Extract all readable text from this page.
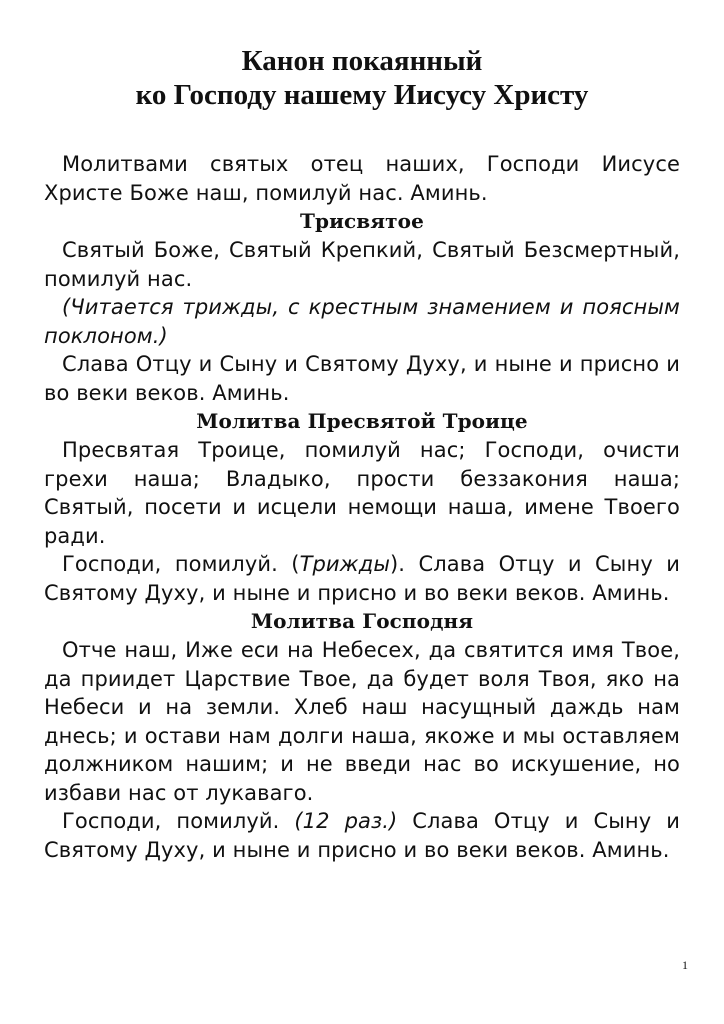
Канон покаянный
ко Господу нашему Иисусу Христу

Молитвами святых отец наших, Господи Иисусе Христе Боже наш, помилуй нас. Аминь.

Трисвятое

Святый Боже, Святый Крепкий, Святый Безсмертный, помилуй нас.

(Читается трижды, с крестным знамением и поясным поклоном.)

Слава Отцу и Сыну и Святому Духу, и ныне и присно и во веки веков. Аминь.

Молитва Пресвятой Троице

Пресвятая Троице, помилуй нас; Господи, очисти грехи наша; Владыко, прости беззакония наша; Святый, посети и исцели немощи наша, имене Твоего ради.

Господи, помилуй. (Трижды). Слава Отцу и Сыну и Святому Духу, и ныне и присно и во веки веков. Аминь.

Молитва Господня

Отче наш, Иже еси на Небесех, да святится имя Твое, да приидет Царствие Твое, да будет воля Твоя, яко на Небеси и на земли. Хлеб наш насущный даждь нам днесь; и остави нам долги наша, якоже и мы оставляем должником нашим; и не введи нас во искушение, но избави нас от лукаваго.

Господи, помилуй. (12 раз.) Слава Отцу и Сыну и Святому Духу, и ныне и присно и во веки веков. Аминь.

1
